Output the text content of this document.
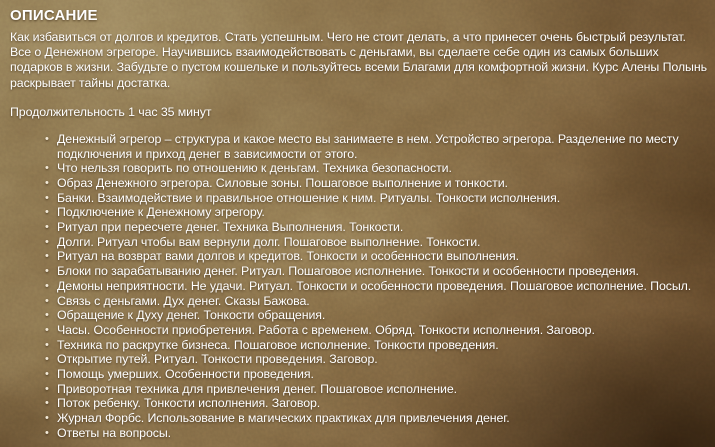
ОПИСАНИЕ

Как избавиться от долгов и кредитов. Стать успешным. Чего не стоит делать, а что принесет очень быстрый результат. Все о Денежном эгрегоре. Научившись взаимодействовать с деньгами, вы сделаете себе один из самых больших подарков в жизни. Забудьте о пустом кошельке и пользуйтесь всеми Благами для комфортной жизни. Курс Алены Полынь раскрывает тайны достатка.

Продолжительность 1 час 35 минут

• Денежный эгрегор – структура и какое место вы занимаете в нем. Устройство эгрегора. Разделение по месту подключения и приход денег в зависимости от этого.
• Что нельзя говорить по отношению к деньгам. Техника безопасности.
• Образ Денежного эгрегора. Силовые зоны. Пошаговое выполнение и тонкости.
• Банки. Взаимодействие и правильное отношение к ним. Ритуалы. Тонкости исполнения.
• Подключение к Денежному эгрегору.
• Ритуал при пересчете денег. Техника Выполнения. Тонкости.
• Долги. Ритуал чтобы вам вернули долг. Пошаговое выполнение. Тонкости.
• Ритуал на возврат вами долгов и кредитов. Тонкости и особенности выполнения.
• Блоки по зарабатыванию денег. Ритуал. Пошаговое исполнение. Тонкости и особенности проведения.
• Демоны неприятности. Не удачи. Ритуал. Тонкости и особенности проведения. Пошаговое исполнение. Посыл.
• Связь с деньгами. Дух денег. Сказы Бажова.
• Обращение к Духу денег. Тонкости обращения.
• Часы. Особенности приобретения. Работа с временем. Обряд. Тонкости исполнения. Заговор.
• Техника по раскрутке бизнеса. Пошаговое исполнение. Тонкости проведения.
• Открытие путей. Ритуал. Тонкости проведения. Заговор.
• Помощь умерших. Особенности проведения.
• Приворотная техника для привлечения денег. Пошаговое исполнение.
• Поток ребенку. Тонкости исполнения. Заговор.
• Журнал Форбс. Использование в магических практиках для привлечения денег.
• Ответы на вопросы.
